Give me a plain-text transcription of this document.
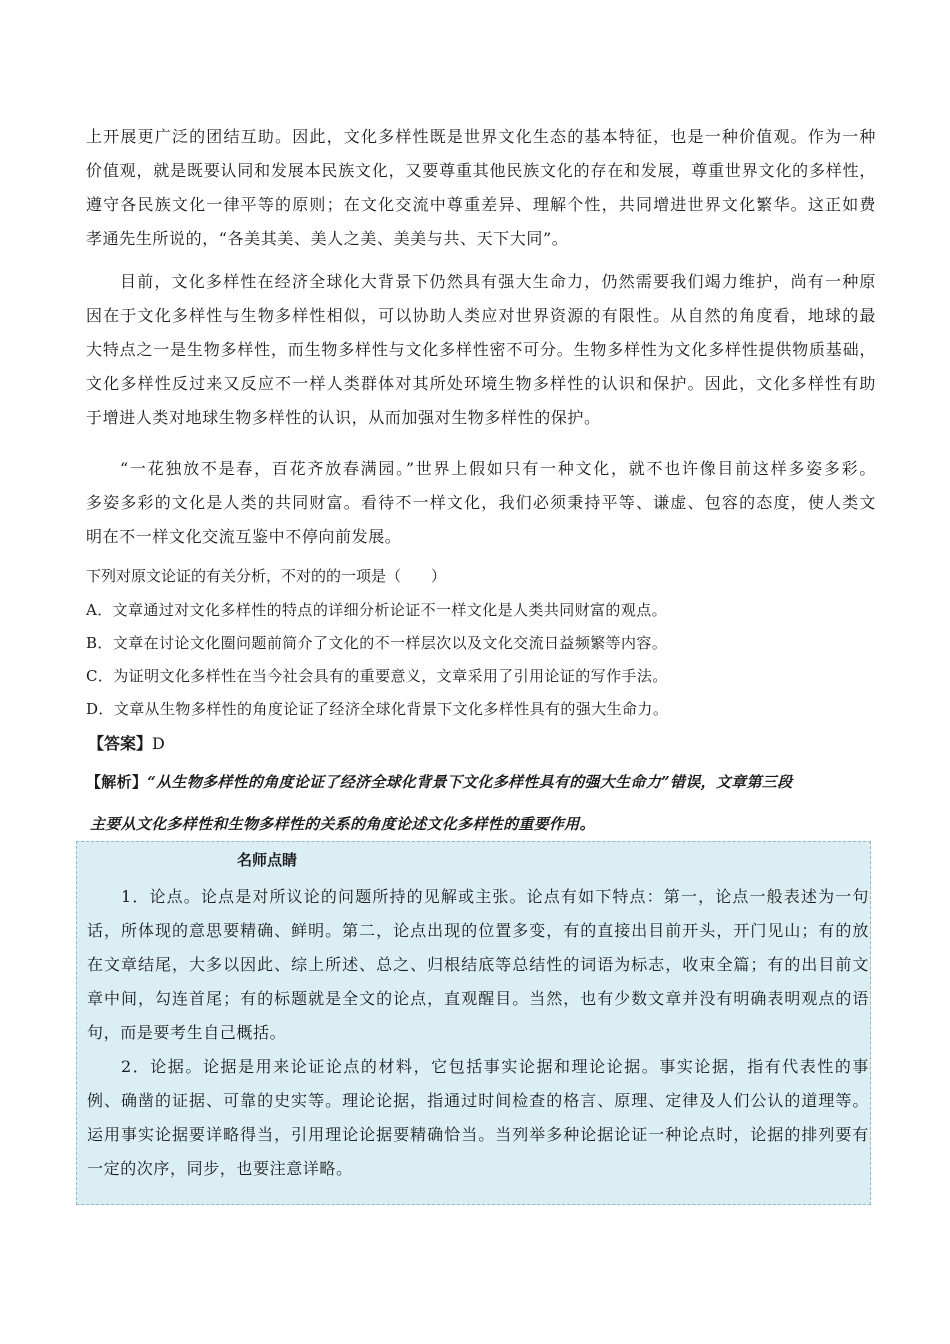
上开展更广泛的团结互助。因此，文化多样性既是世界文化生态的基本特征，也是一种价值观。作为一种
价值观，就是既要认同和发展本民族文化，又要尊重其他民族文化的存在和发展，尊重世界文化的多样性，
遵守各民族文化一律平等的原则；在文化交流中尊重差异、理解个性，共同增进世界文化繁华。这正如费
孝通先生所说的，“各美其美、美人之美、美美与共、天下大同”。
目前，文化多样性在经济全球化大背景下仍然具有强大生命力，仍然需要我们竭力维护，尚有一种原
因在于文化多样性与生物多样性相似，可以协助人类应对世界资源的有限性。从自然的角度看，地球的最
大特点之一是生物多样性，而生物多样性与文化多样性密不可分。生物多样性为文化多样性提供物质基础，
文化多样性反过来又反应不一样人类群体对其所处环境生物多样性的认识和保护。因此，文化多样性有助
于增进人类对地球生物多样性的认识，从而加强对生物多样性的保护。
“一花独放不是春，百花齐放春满园。”世界上假如只有一种文化，就不也许像目前这样多姿多彩。
多姿多彩的文化是人类的共同财富。看待不一样文化，我们必须秉持平等、谦虚、包容的态度，使人类文
明在不一样文化交流互鉴中不停向前发展。
下列对原文论证的有关分析，不对的的一项是（　　）
A．文章通过对文化多样性的特点的详细分析论证不一样文化是人类共同财富的观点。
B．文章在讨论文化圈问题前简介了文化的不一样层次以及文化交流日益频繁等内容。
C．为证明文化多样性在当今社会具有的重要意义，文章采用了引用论证的写作手法。
D．文章从生物多样性的角度论证了经济全球化背景下文化多样性具有的强大生命力。
【答案】D
【解析】“从生物多样性的角度论证了经济全球化背景下文化多样性具有的强大生命力”错误，文章第三段
主要从文化多样性和生物多样性的关系的角度论述文化多样性的重要作用。
名师点睛
1．论点。论点是对所议论的问题所持的见解或主张。论点有如下特点：第一，论点一般表述为一句
话，所体现的意思要精确、鲜明。第二，论点出现的位置多变，有的直接出目前开头，开门见山；有的放
在文章结尾，大多以因此、综上所述、总之、归根结底等总结性的词语为标志，收束全篇；有的出目前文
章中间，勾连首尾；有的标题就是全文的论点，直观醒目。当然，也有少数文章并没有明确表明观点的语
句，而是要考生自己概括。
2．论据。论据是用来论证论点的材料，它包括事实论据和理论论据。事实论据，指有代表性的事
例、确凿的证据、可靠的史实等。理论论据，指通过时间检查的格言、原理、定律及人们公认的道理等。
运用事实论据要详略得当，引用理论论据要精确恰当。当列举多种论据论证一种论点时，论据的排列要有
一定的次序，同步，也要注意详略。
